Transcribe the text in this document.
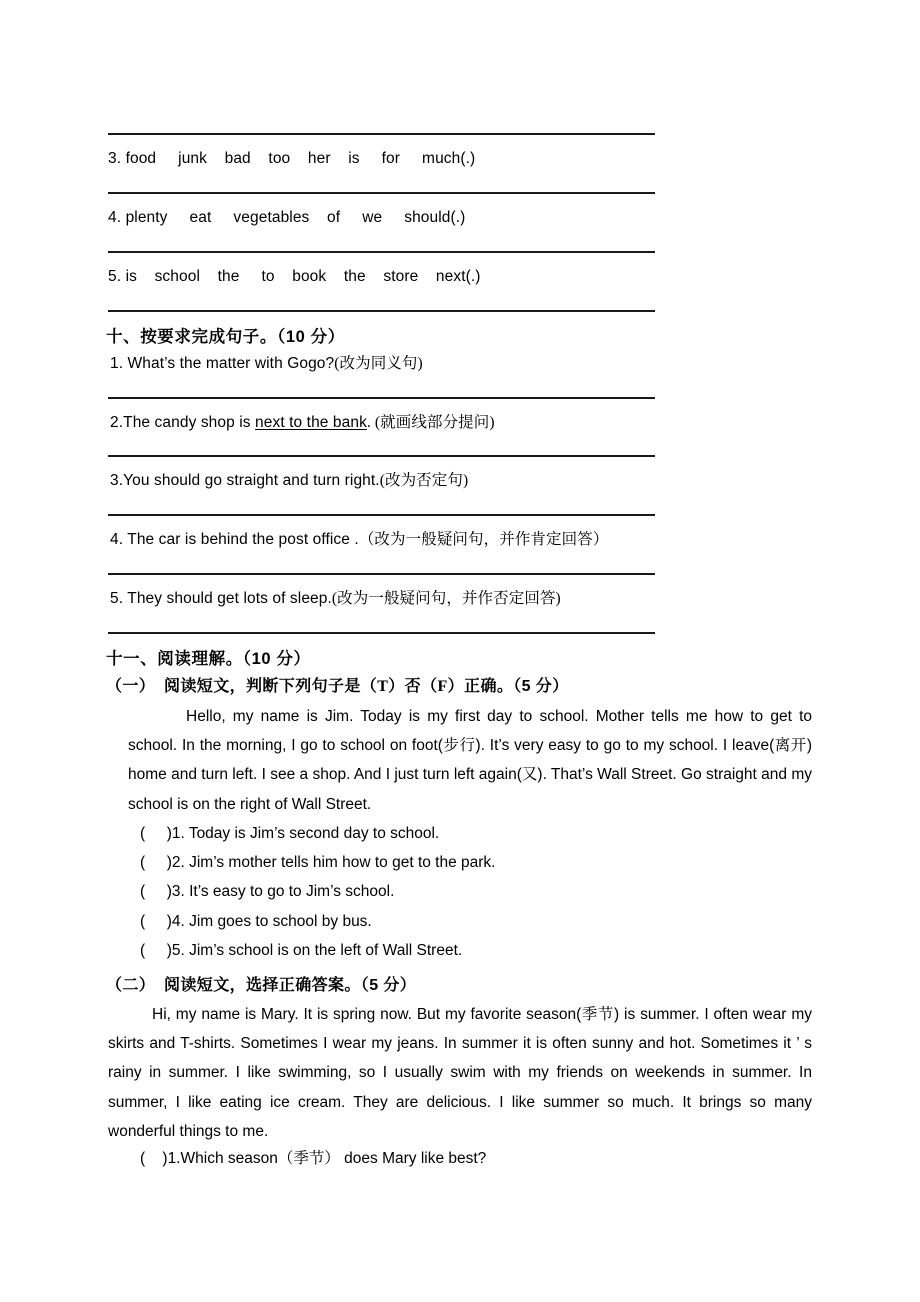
3. food     junk    bad    too    her    is     for     much(.)
4. plenty     eat     vegetables    of     we     should(.)
5. is    school    the     to    book    the    store    next(.)
十、按要求完成句子。（10 分）
1. What’s the matter with Gogo?(改为同义句)
2.The candy shop is next to the bank. (就画线部分提问)
3.You should go straight and turn right.(改为否定句)
4. The car is behind the post office .（改为一般疑问句，并作肯定回答）
5. They should get lots of sleep.(改为一般疑问句，并作否定回答)
十一、阅读理解。（10 分）
（一）  阅读短文，判断下列句子是（T）否（F）正确。（5 分）
Hello, my name is Jim. Today is my first day to school. Mother tells me how to get to school. In the morning, I go to school on foot(步行). It’s very easy to go to my school. I leave(离开) home and turn left. I see a shop. And I just turn left again(又). That’s Wall Street. Go straight and my school is on the right of Wall Street.
(     )1. Today is Jim’s second day to school.
(     )2. Jim’s mother tells him how to get to the park.
(     )3. It’s easy to go to Jim’s school.
(     )4. Jim goes to school by bus.
(     )5. Jim’s school is on the left of Wall Street.
（二）  阅读短文，选择正确答案。（5 分）
Hi, my name is Mary. It is spring now. But my favorite season(季节) is summer. I often wear my skirts and T-shirts. Sometimes I wear my jeans. In summer it is often sunny and hot. Sometimes it ’ s rainy in summer. I like swimming, so I usually swim with my friends on weekends in summer. In summer, I like eating ice cream. They are delicious. I like summer so much. It brings so many wonderful things to me.
(    )1.Which season（季节） does Mary like best?
